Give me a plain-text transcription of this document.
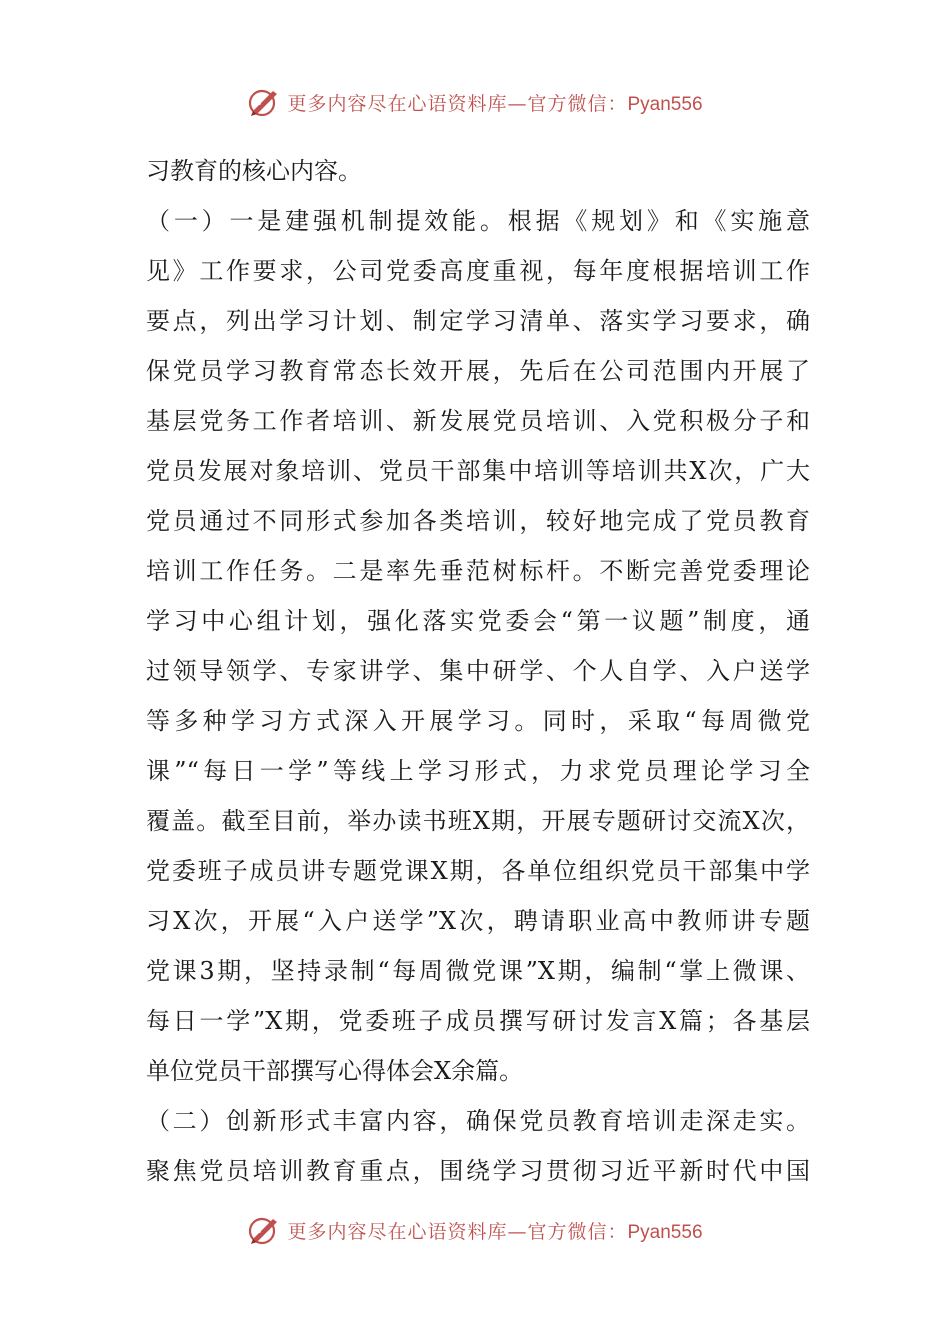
更多内容尽在心语资料库—官方微信：Pyan556
习教育的核心内容。
（一）一是建强机制提效能。根据《规划》和《实施意
见》工作要求，公司党委高度重视，每年度根据培训工作
要点，列出学习计划、制定学习清单、落实学习要求，确
保党员学习教育常态长效开展，先后在公司范围内开展了
基层党务工作者培训、新发展党员培训、入党积极分子和
党员发展对象培训、党员干部集中培训等培训共X次，广大
党员通过不同形式参加各类培训，较好地完成了党员教育
培训工作任务。二是率先垂范树标杆。不断完善党委理论
学习中心组计划，强化落实党委会“第一议题”制度，通
过领导领学、专家讲学、集中研学、个人自学、入户送学
等多种学习方式深入开展学习。同时，采取“每周微党
课”“每日一学”等线上学习形式，力求党员理论学习全
覆盖。截至目前，举办读书班X期，开展专题研讨交流X次，
党委班子成员讲专题党课X期，各单位组织党员干部集中学
习X次，开展“入户送学”X次，聘请职业高中教师讲专题
党课3期，坚持录制“每周微党课”X期，编制“掌上微课、
每日一学”X期，党委班子成员撰写研讨发言X篇；各基层
单位党员干部撰写心得体会X余篇。
（二）创新形式丰富内容，确保党员教育培训走深走实。
聚焦党员培训教育重点，围绕学习贯彻习近平新时代中国
更多内容尽在心语资料库—官方微信：Pyan556
